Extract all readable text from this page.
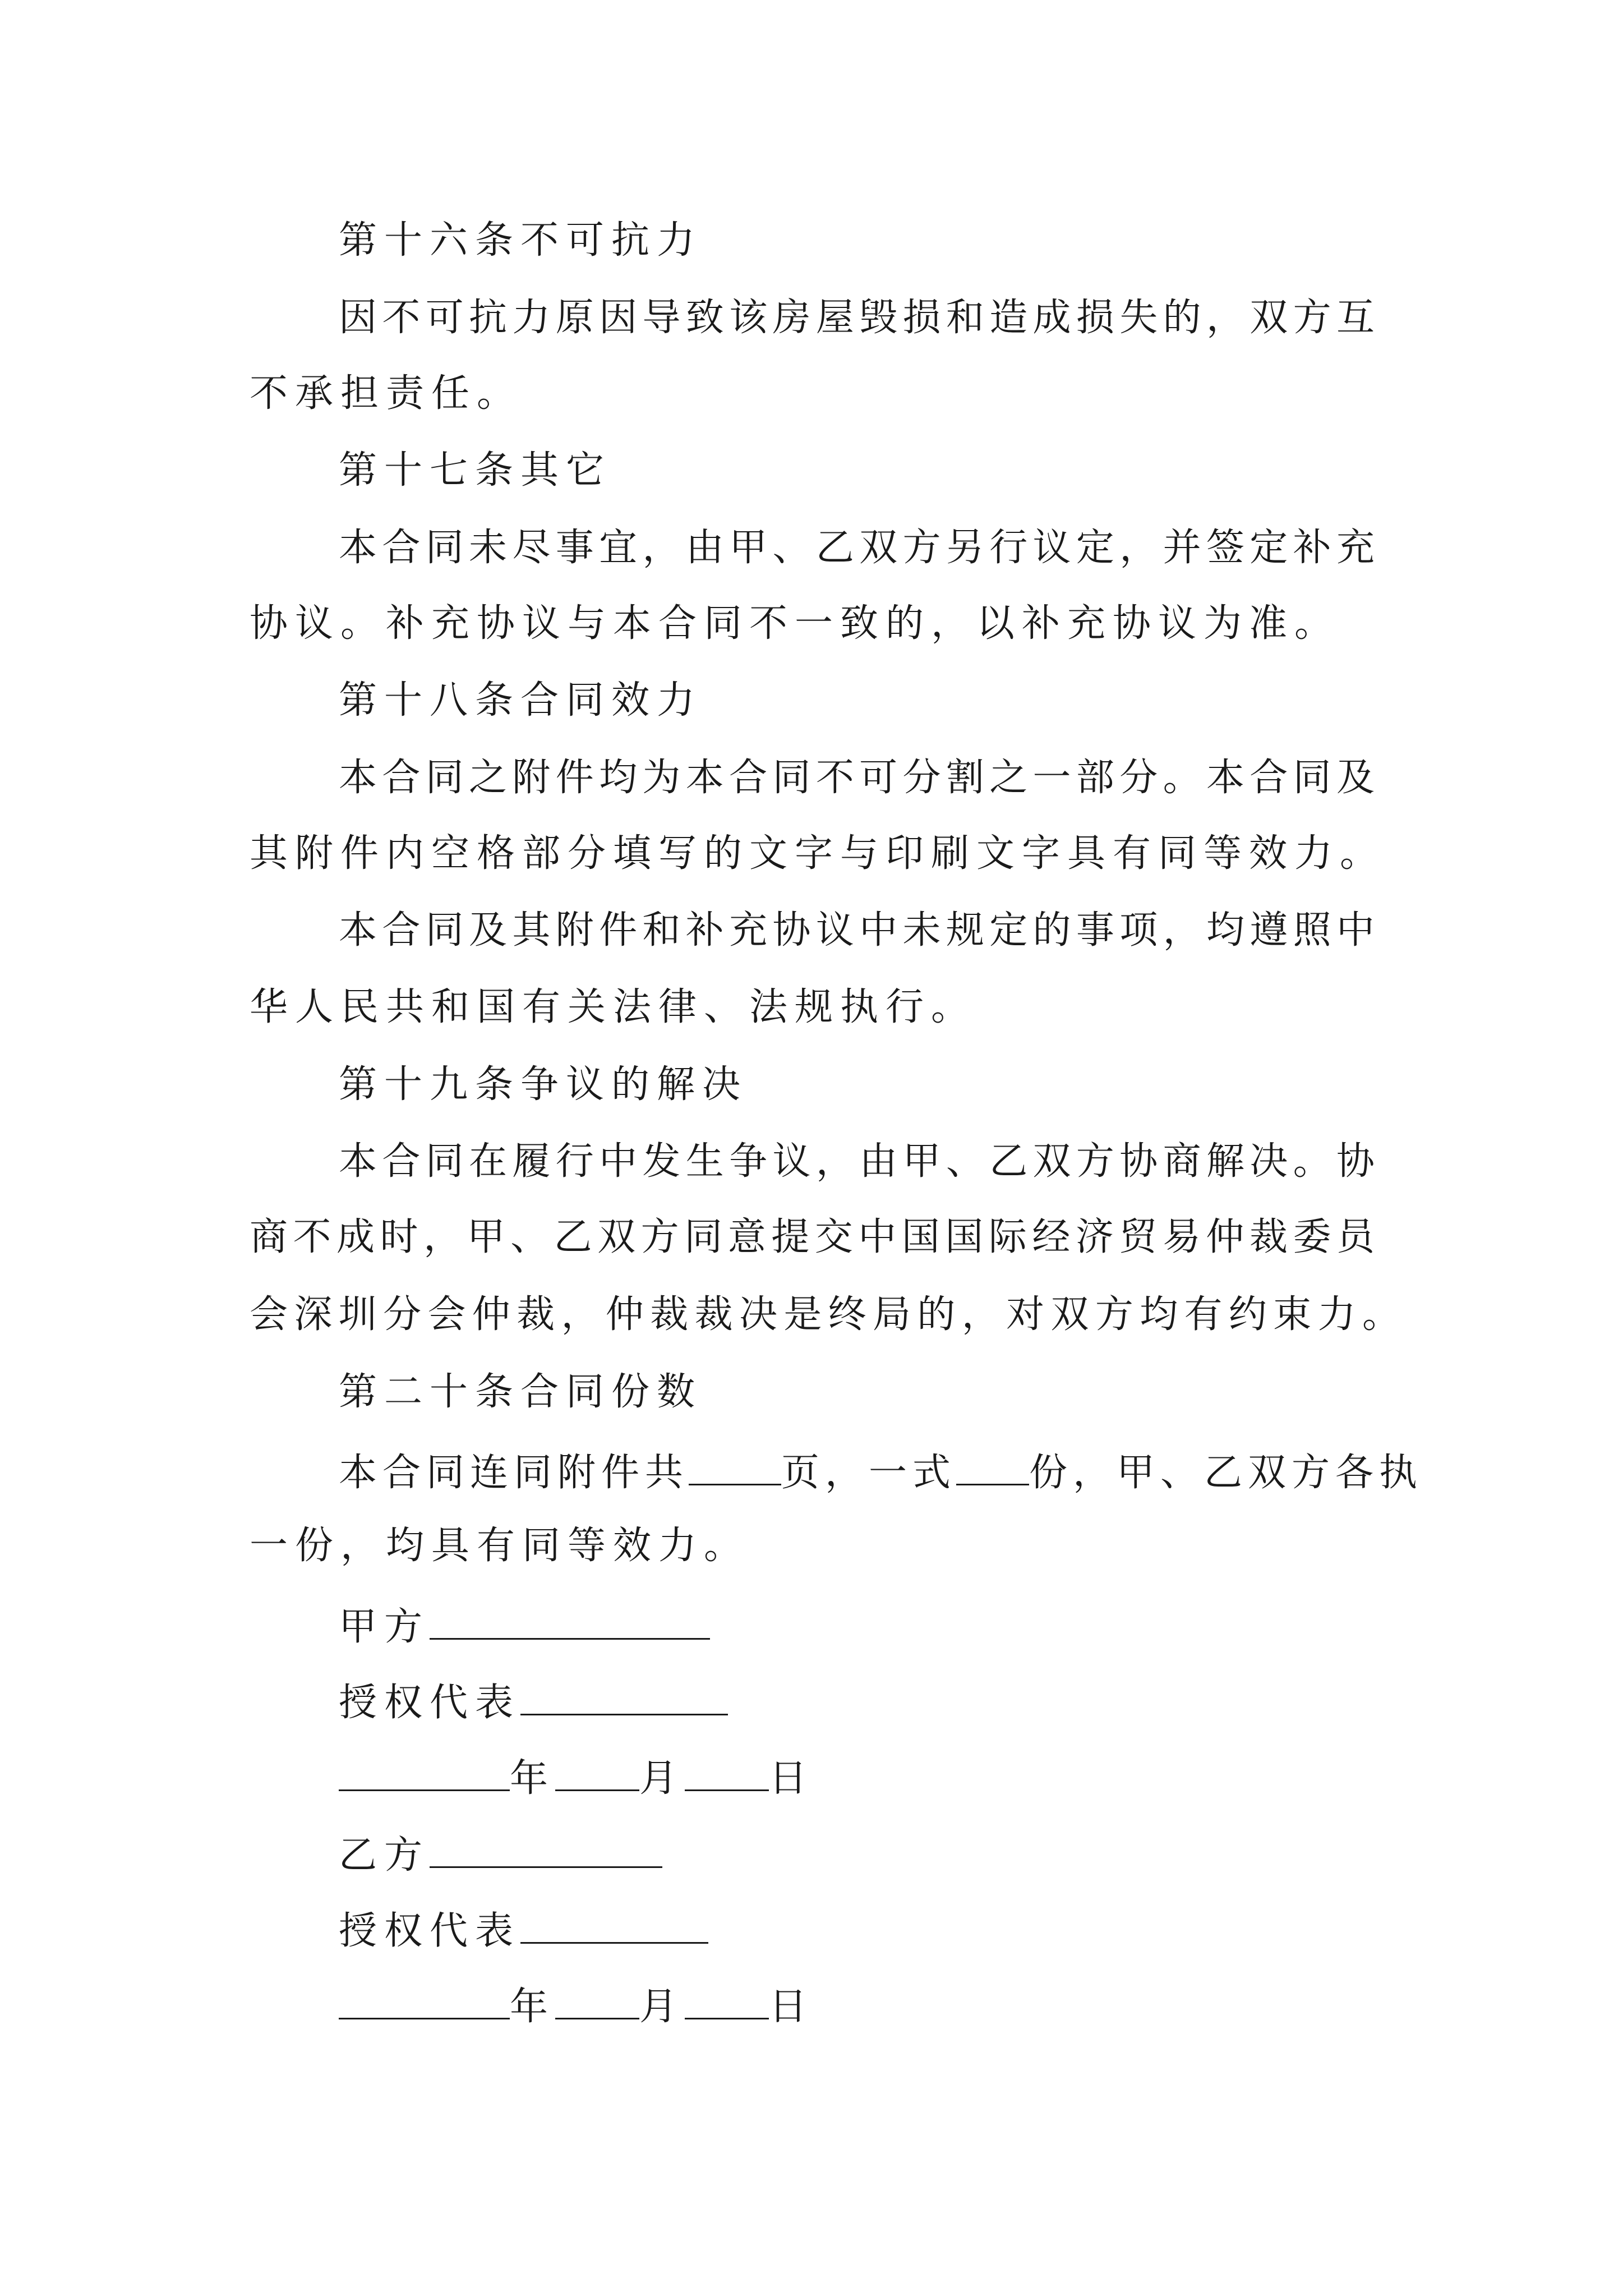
第十六条不可抗力
因不可抗力原因导致该房屋毁损和造成损失的，双方互
不承担责任。
第十七条其它
本合同未尽事宜，由甲、乙双方另行议定，并签定补充
协议。补充协议与本合同不一致的，以补充协议为准。
第十八条合同效力
本合同之附件均为本合同不可分割之一部分。本合同及
其附件内空格部分填写的文字与印刷文字具有同等效力。
本合同及其附件和补充协议中未规定的事项，均遵照中
华人民共和国有关法律、法规执行。
第十九条争议的解决
本合同在履行中发生争议，由甲、乙双方协商解决。协
商不成时，甲、乙双方同意提交中国国际经济贸易仲裁委员
会深圳分会仲裁，仲裁裁决是终局的，对双方均有约束力。
第二十条合同份数
本合同连同附件共 页，一式 份，甲、乙双方各执
一份，均具有同等效力。
甲方
授权代表
年 月 日
乙方
授权代表
年 月 日
